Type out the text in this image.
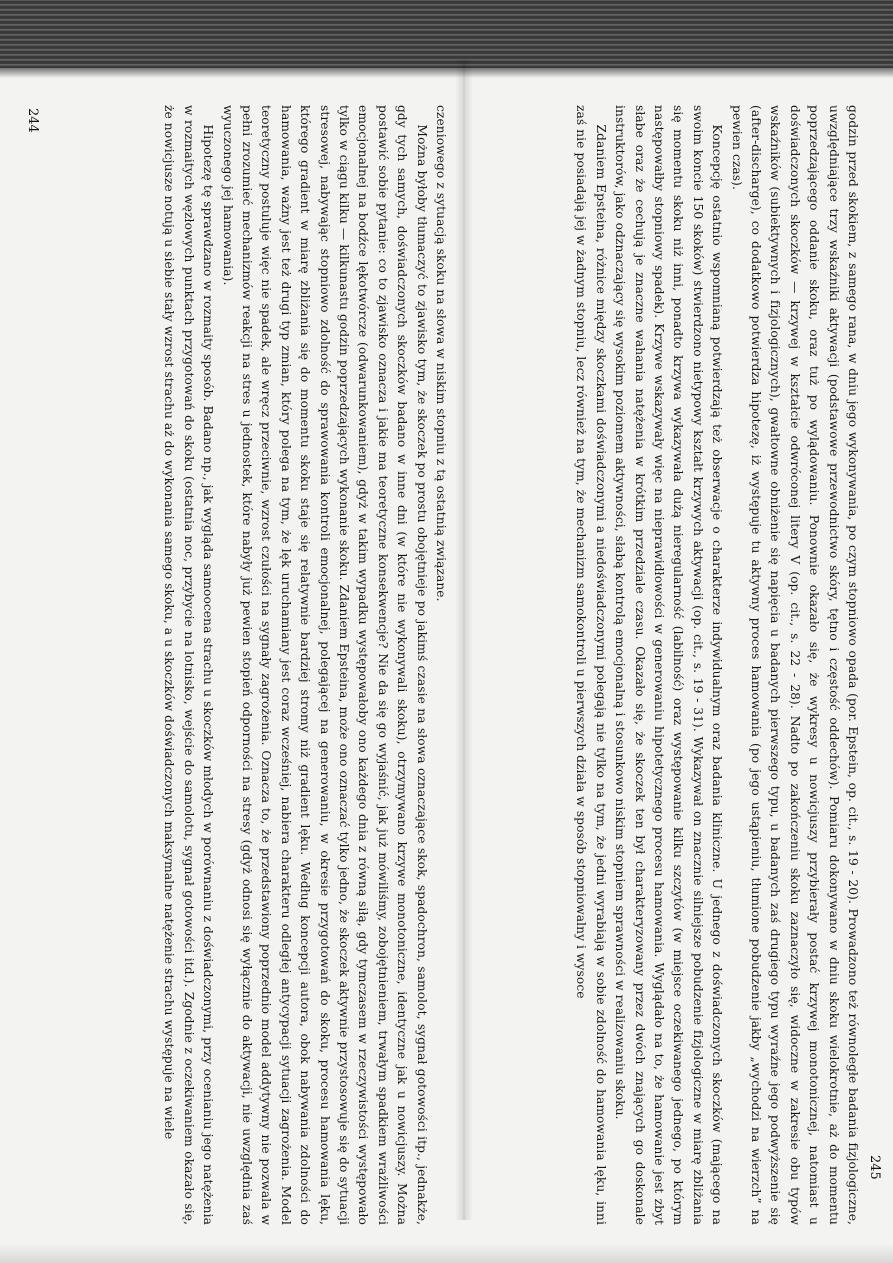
czeniowego z sytuacją skoku na słowa w niskim stopniu z tą ostatnią związane.

Można byłoby tłumaczyć to zjawisko tym, że skoczek po prostu obojętnieje po jakimś czasie na słowa oznaczające skok, spadochron, samolot, sygnał gotowości itp., jednakże, gdy tych samych, doświadczonych skoczków badano w inne dni (w które nie wykonywali skoku), otrzymywano krzywe monotoniczne, identyczne jak u nowicjuszy. Można postawić sobie pytanie: co to zjawisko oznacza i jakie ma teoretyczne konsekwencje? Nie da się go wyjaśnić, jak już mówiliśmy, zobojętnieniem, trwałym spadkiem wrażliwości emocjonalnej na bodźce lękotwórcze (odwarunkowaniem), gdyż w takim wypadku występowałoby ono każdego dnia z równą siłą, gdy tymczasem w rzeczywistości występowało tylko w ciągu kilku — kilkunastu godzin poprzedzających wykonanie skoku. Zdaniem Epsteina, może ono oznaczać tylko jedno, że skoczek aktywnie przystosowuje się do sytuacji stresowej, nabywając stopniowo zdolność do sprawowania kontroli emocjonalnej, polegającej na generowaniu, w okresie przygotowań do skoku, procesu hamowania lęku, którego gradient w miarę zbliżania się do momentu skoku staje się relatywnie bardziej stromy niż gradient lęku. Według koncepcji autora, obok nabywania zdolności do hamowania, ważny jest też drugi typ zmian, który polega na tym, że lęk uruchamiany jest coraz wcześniej, nabiera charakteru odległej antycypacji sytuacji zagrożenia. Model teoretyczny postuluje więc nie spadek, ale wręcz przeciwnie, wzrost czułości na sygnały zagrożenia. Oznacza to, że przedstawiony poprzednio model addytywny nie pozwala w pełni zrozumieć mechanizmów reakcji na stres u jednostek, które nabyły już pewien stopień odporności na stresy (gdyż odnosi się wyłącznie do aktywacji, nie uwzględnia zaś wyuczonego jej hamowania).

Hipotezę tę sprawdzano w rozmaity sposób. Badano np., jak wygląda samoocena strachu u skoczków młodych w porównaniu z doświadczonymi, przy ocenianiu jego natężenia w rozmaitych węzłowych punktach przygotowań do skoku (ostatnia noc, przybycie na lotnisko, wejście do samolotu, sygnał gotowości itd.). Zgodnie z oczekiwaniem okazało się, że nowicjusze notują u siebie stały wzrost strachu aż do wykonania samego skoku, a u skoczków doświadczonych maksymalne natężenie strachu występuje na wiele

244	godzin przed skokiem, z samego rana, w dniu jego wykonywania, po czym stopniowo opada (por. Epstein, op. cit., s. 19 - 20). Prowadzono też równoległe badania fizjologiczne, uwzględniające trzy wskaźniki aktywacji (podstawowe przewodnictwo skóry, tętno i częstość oddechów). Pomiaru dokonywano w dniu skoku wielokrotnie, aż do momentu poprzedzającego oddanie skoku, oraz tuż po wylądowaniu. Ponownie okazało się, że wykresy u nowicjuszy przybierały postać krzywej monotonicznej, natomiast u doświadczonych skoczków — krzywej w kształcie odwróconej litery V (op. cit., s. 22 - 28). Nadto po zakończeniu skoku zaznaczyło się, widoczne w zakresie obu typów wskaźników (subiektywnych i fizjologicznych), gwałtowne obniżenie się napięcia u badanych pierwszego typu, u badanych zaś drugiego typu wyraźne jego podwyższenie się (after-discharge), co dodatkowo potwierdza hipotezę, iż występuje tu aktywny proces hamowania (po jego ustąpieniu, tłumione pobudzenie jakby „wychodzi na wierzch” na pewien czas).

Koncepcję ostatnio wspomnianą potwierdzają też obserwacje o charakterze indywidualnym oraz badania kliniczne. U jednego z doświadczonych skoczków (mającego na swoim koncie 150 skoków) stwierdzono nietypowy kształt krzywych aktywacji (op. cit., s. 19 - 31). Wykazywał on znacznie silniejsze pobudzenie fizjologiczne w miarę zbliżania się momentu skoku niż inni, ponadto krzywa wykazywała dużą nieregularność (labilność) oraz występowanie kilku szczytów (w miejsce oczekiwanego jednego, po którym następowałby stopniowy spadek). Krzywe wskazywały więc na nieprawidłowości w generowaniu hipotetycznego procesu hamowania. Wyglądało na to, że hamowanie jest zbyt słabe oraz że cechują je znaczne wahania natężenia w krótkim przedziale czasu. Okazało się, że skoczek ten był charakteryzowany przez dwóch znających go doskonale instruktorów, jako odznaczający się wysokim poziomem aktywności, słabą kontrolą emocjonalną i stosunkowo niskim stopniem sprawności w realizowaniu skoku.

Zdaniem Epsteina, różnice między skoczkami doświadczonymi a niedoświadczonymi polegają nie tylko na tym, że jedni wyrabiają w sobie zdolność do hamowania lęku, inni zaś nie posiadają jej w żadnym stopniu, lecz również na tym, że mechanizm samokontroli u pierwszych działa w sposób stopniowalny i wysoce

245
